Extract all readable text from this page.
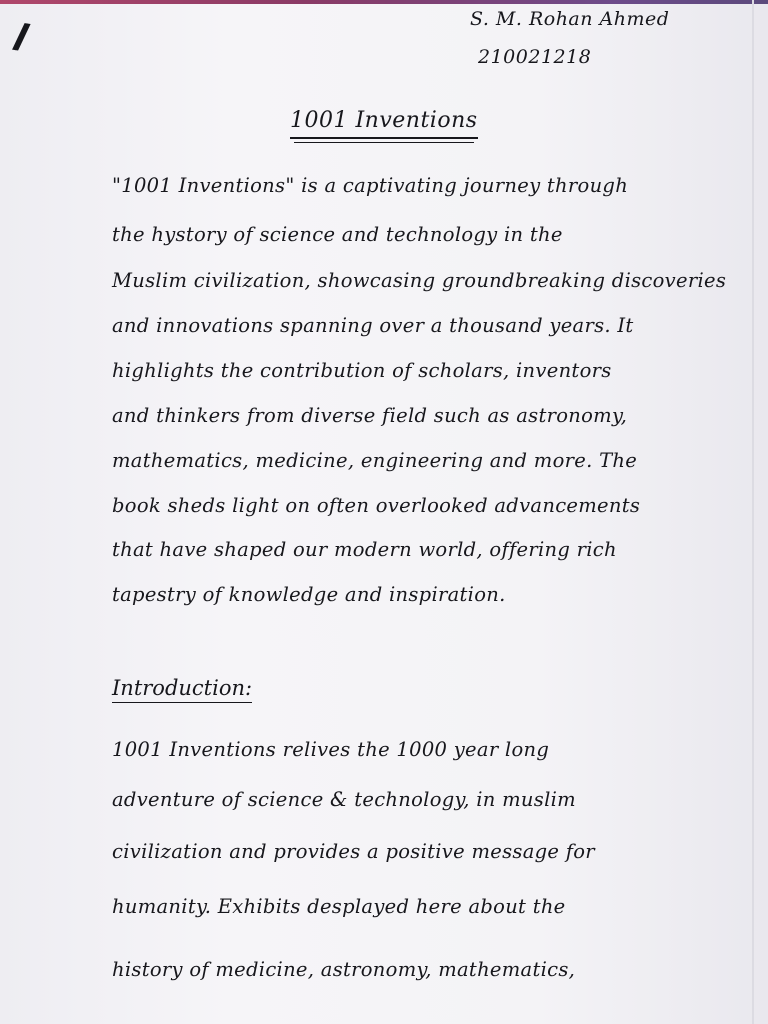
//	S. M. Rohan Ahmed
210021218
1001 Inventions
"1001 Inventions" is a captivating journey through
the hystory of science and technology in the
Muslim civilization, showcasing groundbreaking discoveries
and innovations spanning over a thousand years. It
highlights the contribution of scholars, inventors
and thinkers from diverse field such as astronomy,
mathematics, medicine, engineering and more. The
book sheds light on often overlooked advancements
that have shaped our modern world, offering rich
tapestry of knowledge and inspiration.
Introduction:
1001 Inventions relives the 1000 year long
adventure of science & technology, in muslim
civilization and provides a positive message for
humanity. Exhibits desplayed here about the
history of medicine, astronomy, mathematics,
